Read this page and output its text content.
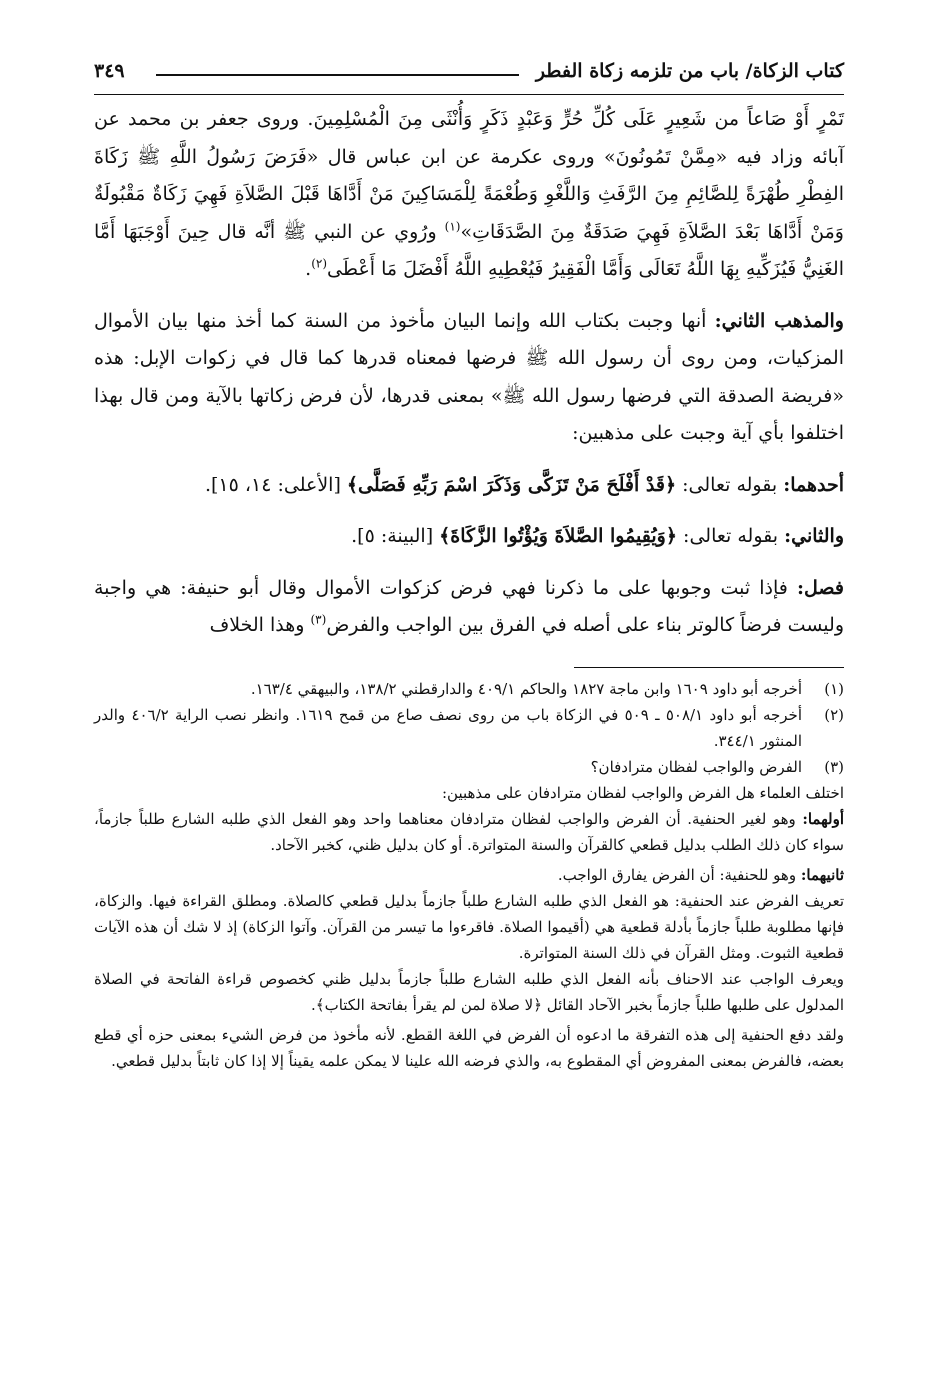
كتاب الزكاة/ باب من تلزمه زكاة الفطر
٣٤٩

تَمْرٍ أَوْ صَاعاً من شَعِيرٍ عَلَى كُلِّ حُرٍّ وَعَبْدٍ ذَكَرٍ وَأُنْثَى مِنَ الْمُسْلِمِينَ. وروى جعفر بن محمد عن آبائه وزاد فيه «مِمَّنْ تَمُونُونَ» وروى عكرمة عن ابن عباس قال «فَرَضَ رَسُولُ اللَّهِ ﷺ زَكَاةَ الفِطْرِ طُهْرَةً لِلصَّائِمِ مِنَ الرَّفَثِ وَاللَّغْوِ وَطُعْمَةً لِلْمَسَاكِينَ مَنْ أَدَّاهَا قَبْلَ الصَّلاَةِ فَهِيَ زَكَاةٌ مَقْبُولَةٌ وَمَنْ أَدَّاهَا بَعْدَ الصَّلاَةِ فَهِيَ صَدَقَةٌ مِنَ الصَّدَقَاتِ»$^{(١)}$ ورُوي عن النبي ﷺ أنَّه قال حِينَ أَوْجَبَهَا أَمَّا الغَنِيُّ فَيُزَكِّيهِ بِهَا اللَّهُ تَعَالَى وَأَمَّا الْفَقِيرُ فَيُعْطِيهِ اللَّهُ أَفْضَلَ مَا أَعْطَى$^{(٢)}$.

والمذهب الثاني: أنها وجبت بكتاب الله وإنما البيان مأخوذ من السنة كما أخذ منها بيان الأموال المزكيات، ومن روى أن رسول الله ﷺ فرضها فمعناه قدرها كما قال في زكوات الإبل: هذه «فريضة الصدقة التي فرضها رسول الله ﷺ» بمعنى قدرها، لأن فرض زكاتها بالآية ومن قال بهذا اختلفوا بأي آية وجبت على مذهبين:

أحدهما: بقوله تعالى: ﴿قَدْ أَفْلَحَ مَنْ تَزَكَّى وَذَكَرَ اسْمَ رَبِّهِ فَصَلَّى﴾ [الأعلى: ١٤، ١٥].

والثاني: بقوله تعالى: ﴿وَيُقِيمُوا الصَّلاَةَ وَيُؤْتُوا الزَّكَاةَ﴾ [البينة: ٥].

فصل: فإذا ثبت وجوبها على ما ذكرنا فهي فرض كزكوات الأموال وقال أبو حنيفة: هي واجبة وليست فرضاً كالوتر بناء على أصله في الفرق بين الواجب والفرض$^{(٣)}$ وهذا الخلاف

(١)
أخرجه أبو داود ١٦٠٩ وابن ماجة ١٨٢٧ والحاكم ٤٠٩/١ والدارقطني ١٣٨/٢، والبيهقي ١٦٣/٤.
(٢)
أخرجه أبو داود ٥٠٨/١ ـ ٥٠٩ في الزكاة باب من روى نصف صاع من قمح ١٦١٩. وانظر نصب الراية ٤٠٦/٢ والدر المنثور ٣٤٤/١.
(٣)
الفرض والواجب لفظان مترادفان؟

اختلف العلماء هل الفرض والواجب لفظان مترادفان على مذهبين:

أولهما: وهو لغير الحنفية. أن الفرض والواجب لفظان مترادفان معناهما واحد وهو الفعل الذي طلبه الشارع طلباً جازماً، سواء كان ذلك الطلب بدليل قطعي كالقرآن والسنة المتواترة. أو كان بدليل ظني، كخبر الآحاد.

ثانيهما: وهو للحنفية: أن الفرض يفارق الواجب.

تعريف الفرض عند الحنفية: هو الفعل الذي طلبه الشارع طلباً جازماً بدليل قطعي كالصلاة. ومطلق القراءة فيها. والزكاة، فإنها مطلوبة طلباً جازماً بأدلة قطعية هي (أقيموا الصلاة. فاقرءوا ما تيسر من القرآن. وآتوا الزكاة) إذ لا شك أن هذه الآيات قطعية الثبوت. ومثل القرآن في ذلك السنة المتواترة.

ويعرف الواجب عند الاحناف بأنه الفعل الذي طلبه الشارع طلباً جازماً بدليل ظني كخصوص قراءة الفاتحة في الصلاة المدلول على طلبها طلباً جازماً بخبر الآحاد القائل ﴿لا صلاة لمن لم يقرأ بفاتحة الكتاب﴾.

ولقد دفع الحنفية إلى هذه التفرقة ما ادعوه أن الفرض في اللغة القطع. لأنه مأخوذ من فرض الشيء بمعنى حزه أي قطع بعضه، فالفرض بمعنى المفروض أي المقطوع به، والذي فرضه الله علينا لا يمكن علمه يقيناً إلا إذا كان ثابتاً بدليل قطعي.
